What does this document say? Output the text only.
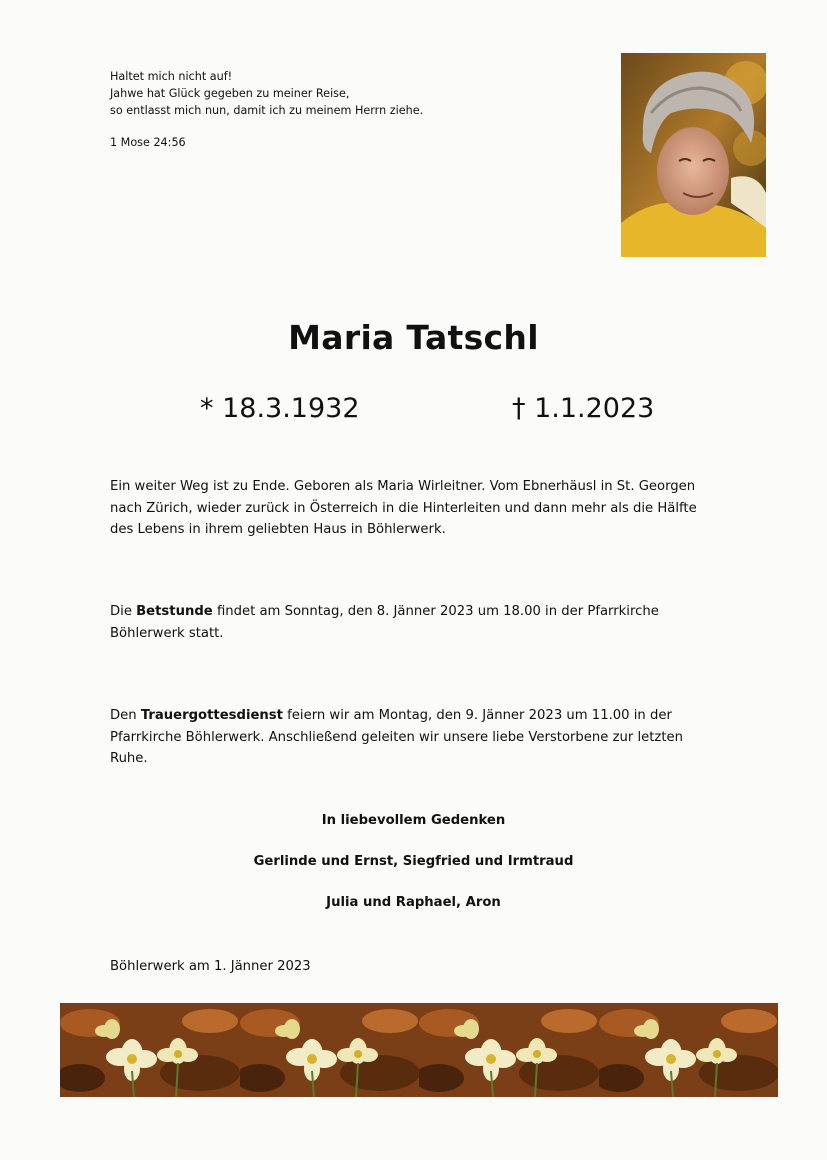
Haltet mich nicht auf!
Jahwe hat Glück gegeben zu meiner Reise,
so entlasst mich nun, damit ich zu meinem Herrn ziehe.
1 Mose 24:56
Maria Tatschl
* 18.3.1932	† 1.1.2023
Ein weiter Weg ist zu Ende. Geboren als Maria Wirleitner. Vom Ebnerhäusl in St. Georgen nach Zürich, wieder zurück in Österreich in die Hinterleiten und dann mehr als die Hälfte des Lebens in ihrem geliebten Haus in Böhlerwerk.
Die Betstunde findet am Sonntag, den 8. Jänner 2023 um 18.00 in der Pfarrkirche Böhlerwerk statt.
Den Trauergottesdienst feiern wir am Montag, den 9. Jänner 2023 um 11.00 in der Pfarrkirche Böhlerwerk. Anschließend geleiten wir unsere liebe Verstorbene zur letzten Ruhe.
In liebevollem Gedenken
Gerlinde und Ernst, Siegfried und Irmtraud
Julia und Raphael, Aron
Böhlerwerk am 1. Jänner 2023
